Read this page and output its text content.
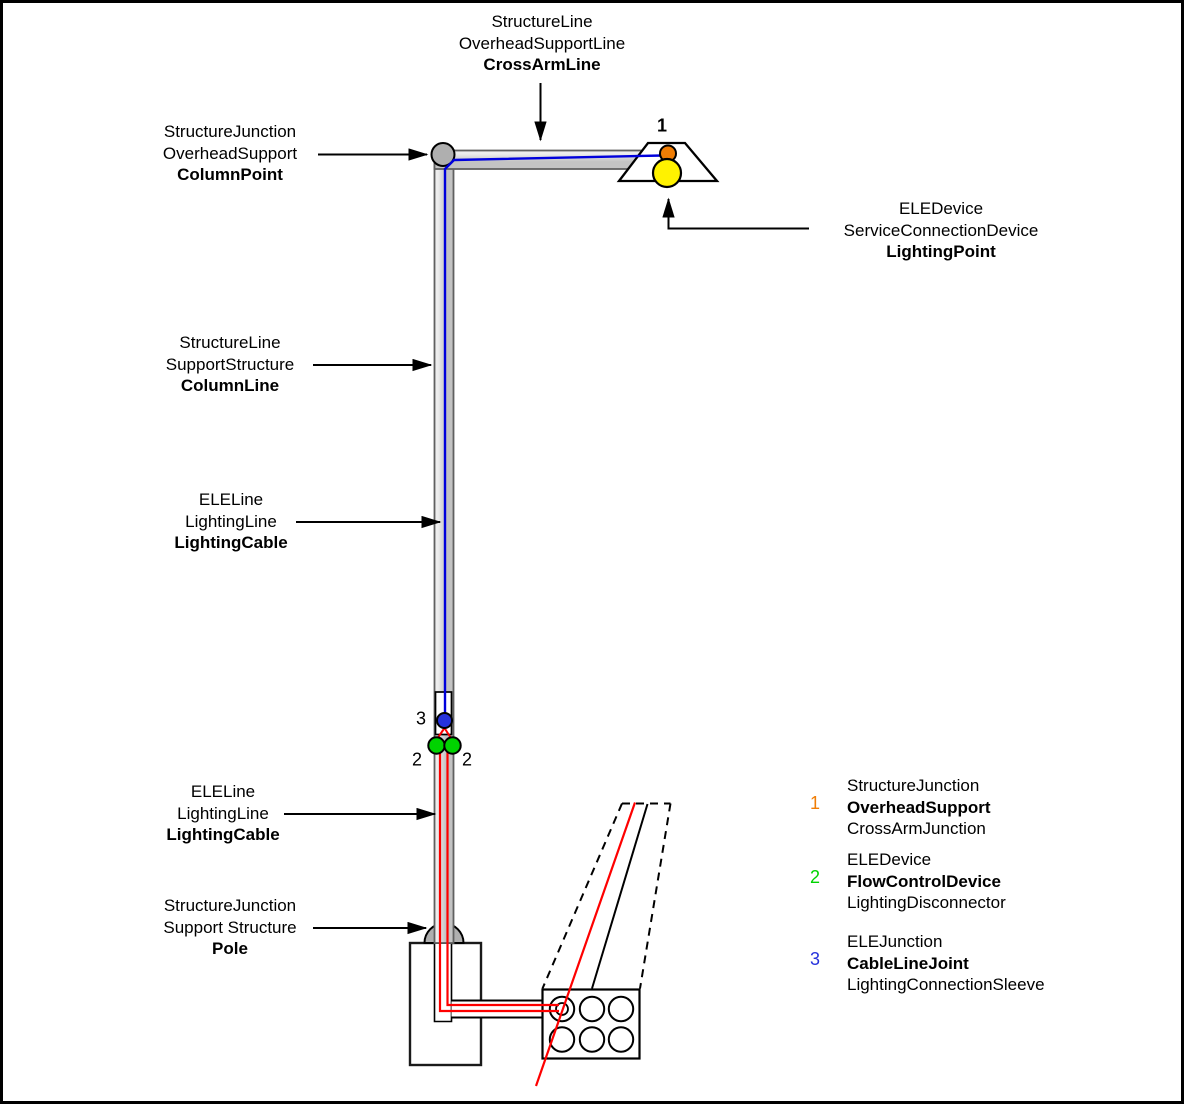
StructureLine
OverheadSupportLine
CrossArmLine
StructureJunction
OverheadSupport
ColumnPoint
StructureLine
SupportStructure
ColumnLine
ELELine
LightingLine
LightingCable
ELELine
LightingLine
LightingCable
StructureJunction
Support Structure
Pole
ELEDevice
ServiceConnectionDevice
LightingPoint
1
3
2 2
1
StructureJunction
OverheadSupport
CrossArmJunction
2
ELEDevice
FlowControlDevice
LightingDisconnector
3
ELEJunction
CableLineJoint
LightingConnectionSleeve
